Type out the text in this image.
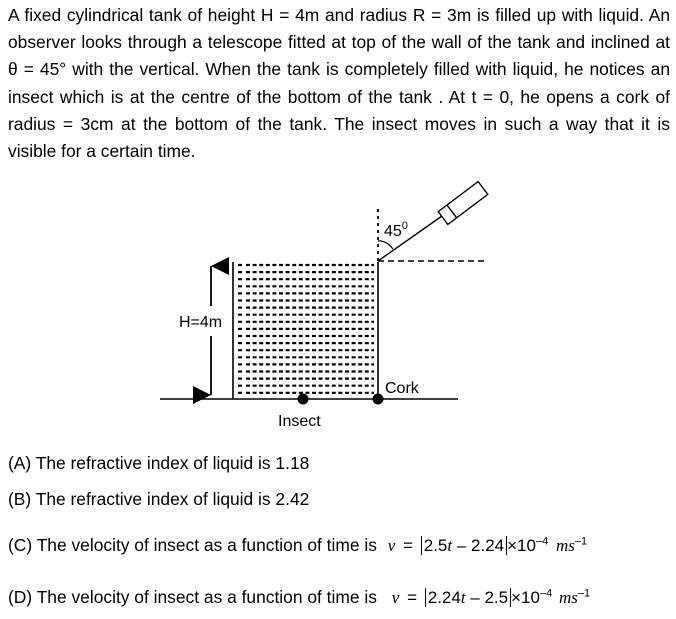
A fixed cylindrical tank of height H = 4m and radius R = 3m is filled up with liquid. An observer looks through a telescope fitted at top of the wall of the tank and inclined at θ = 45° with the vertical. When the tank is completely filled with liquid, he notices an insect which is at the centre of the bottom of the tank . At t = 0, he opens a cork of radius = 3cm at the bottom of the tank. The insect moves in such a way that it is visible for a certain time.
$45^0$
H=4m
Cork
Insect
(A) The refractive index of liquid is 1.18
(B) The refractive index of liquid is 2.42
(C) The velocity of insect as a function of time is $v = 2.5t - 2.24 \times 10^{-4}$ $ms^{-1}$
(D) The velocity of insect as a function of time is $v = 2.24t - 2.5 \times 10^{-4}$ $ms^{-1}$
